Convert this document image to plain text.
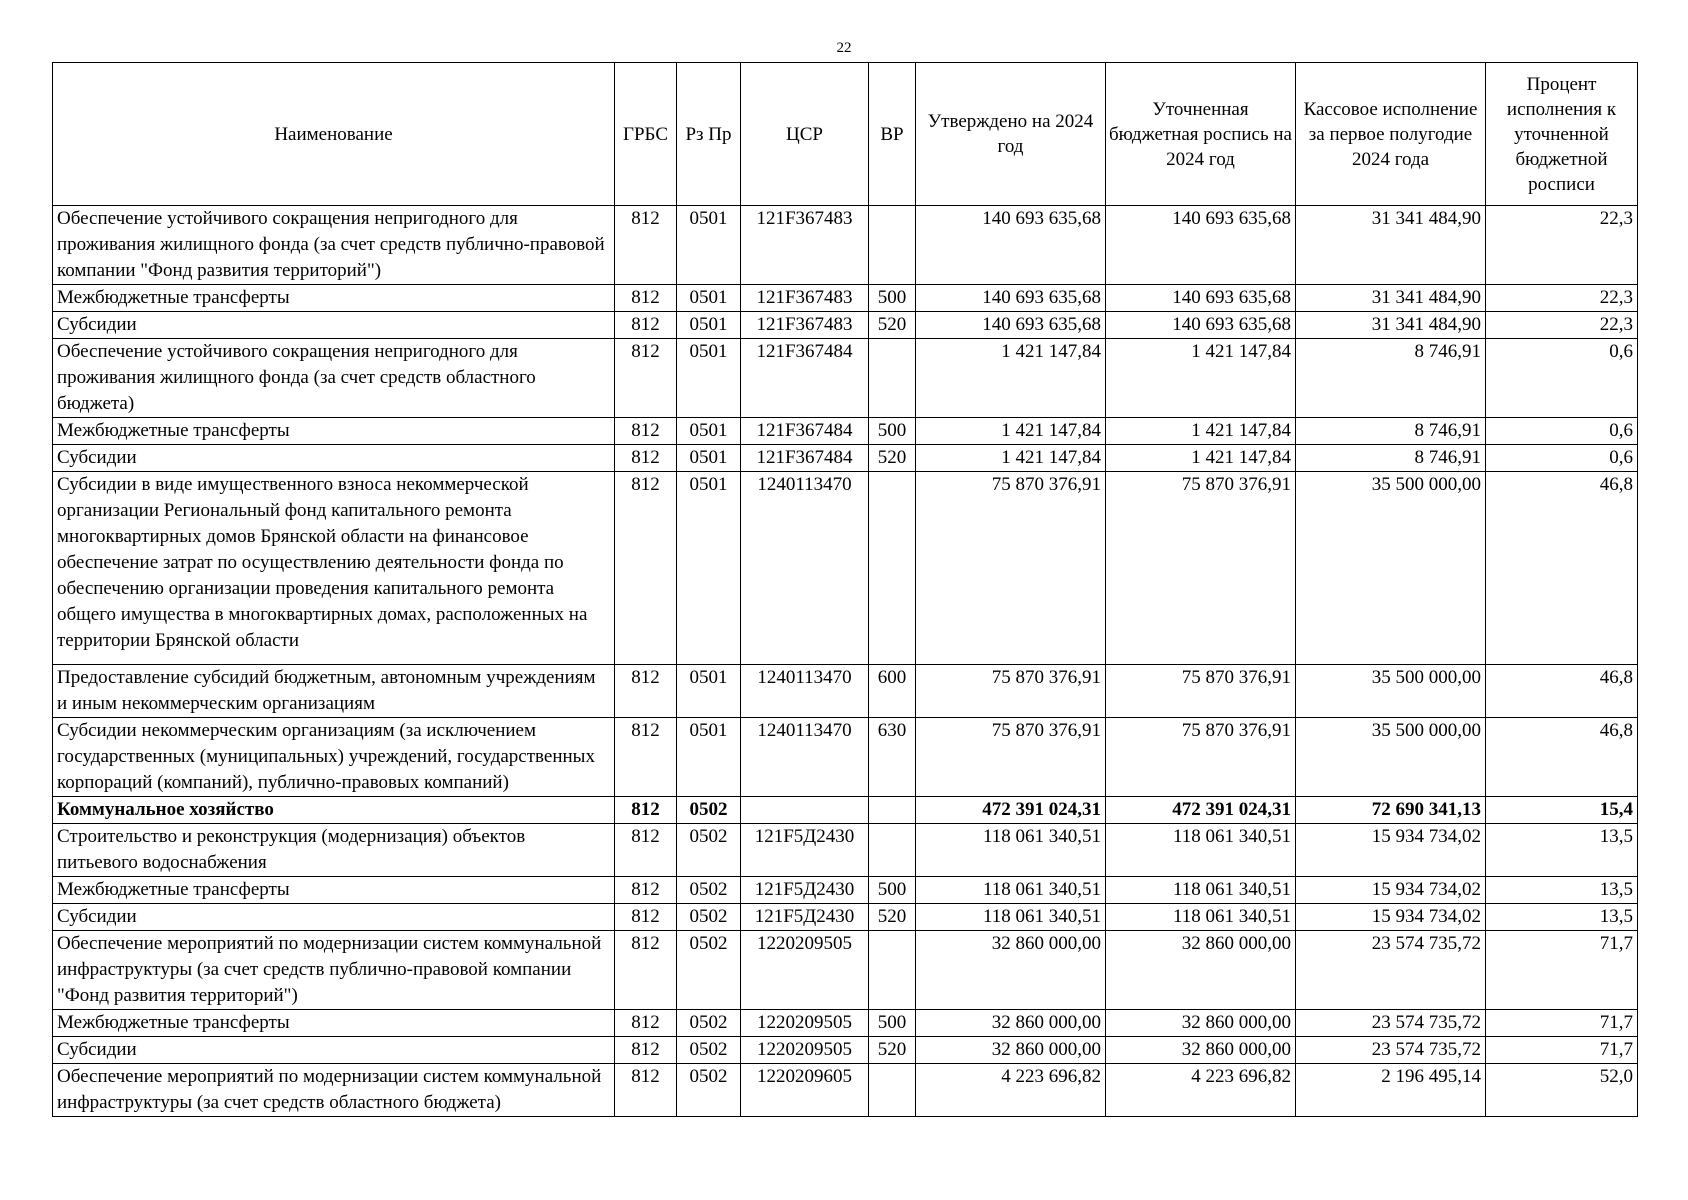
22
Наименование	ГРБС	Рз Пр	ЦСР	ВР	Утверждено на 2024 год	Уточненная бюджетная роспись на 2024 год	Кассовое исполнение за первое полугодие 2024 года	Процент исполнения к уточненной бюджетной росписи
Обеспечение устойчивого сокращения непригодного для проживания жилищного фонда (за счет средств публично-правовой компании "Фонд развития территорий")	812	0501	121F367483		140 693 635,68	140 693 635,68	31 341 484,90	22,3
Межбюджетные трансферты	812	0501	121F367483	500	140 693 635,68	140 693 635,68	31 341 484,90	22,3
Субсидии	812	0501	121F367483	520	140 693 635,68	140 693 635,68	31 341 484,90	22,3
Обеспечение устойчивого сокращения непригодного для проживания жилищного фонда (за счет средств областного бюджета)	812	0501	121F367484		1 421 147,84	1 421 147,84	8 746,91	0,6
Межбюджетные трансферты	812	0501	121F367484	500	1 421 147,84	1 421 147,84	8 746,91	0,6
Субсидии	812	0501	121F367484	520	1 421 147,84	1 421 147,84	8 746,91	0,6
Субсидии в виде имущественного взноса некоммерческой организации Региональный фонд капитального ремонта многоквартирных домов Брянской области на финансовое обеспечение затрат по осуществлению деятельности фонда по обеспечению организации проведения капитального ремонта общего имущества в многоквартирных домах, расположенных на территории Брянской области	812	0501	1240113470		75 870 376,91	75 870 376,91	35 500 000,00	46,8
Предоставление субсидий бюджетным, автономным учреждениям и иным некоммерческим организациям	812	0501	1240113470	600	75 870 376,91	75 870 376,91	35 500 000,00	46,8
Субсидии некоммерческим организациям (за исключением государственных (муниципальных) учреждений, государственных корпораций (компаний), публично-правовых компаний)	812	0501	1240113470	630	75 870 376,91	75 870 376,91	35 500 000,00	46,8
Коммунальное хозяйство	812	0502			472 391 024,31	472 391 024,31	72 690 341,13	15,4
Строительство и реконструкция (модернизация) объектов питьевого водоснабжения	812	0502	121F5Д2430		118 061 340,51	118 061 340,51	15 934 734,02	13,5
Межбюджетные трансферты	812	0502	121F5Д2430	500	118 061 340,51	118 061 340,51	15 934 734,02	13,5
Субсидии	812	0502	121F5Д2430	520	118 061 340,51	118 061 340,51	15 934 734,02	13,5
Обеспечение мероприятий по модернизации систем коммунальной инфраструктуры (за счет средств публично-правовой компании "Фонд развития территорий")	812	0502	1220209505		32 860 000,00	32 860 000,00	23 574 735,72	71,7
Межбюджетные трансферты	812	0502	1220209505	500	32 860 000,00	32 860 000,00	23 574 735,72	71,7
Субсидии	812	0502	1220209505	520	32 860 000,00	32 860 000,00	23 574 735,72	71,7
Обеспечение мероприятий по модернизации систем коммунальной инфраструктуры (за счет средств областного бюджета)	812	0502	1220209605		4 223 696,82	4 223 696,82	2 196 495,14	52,0
